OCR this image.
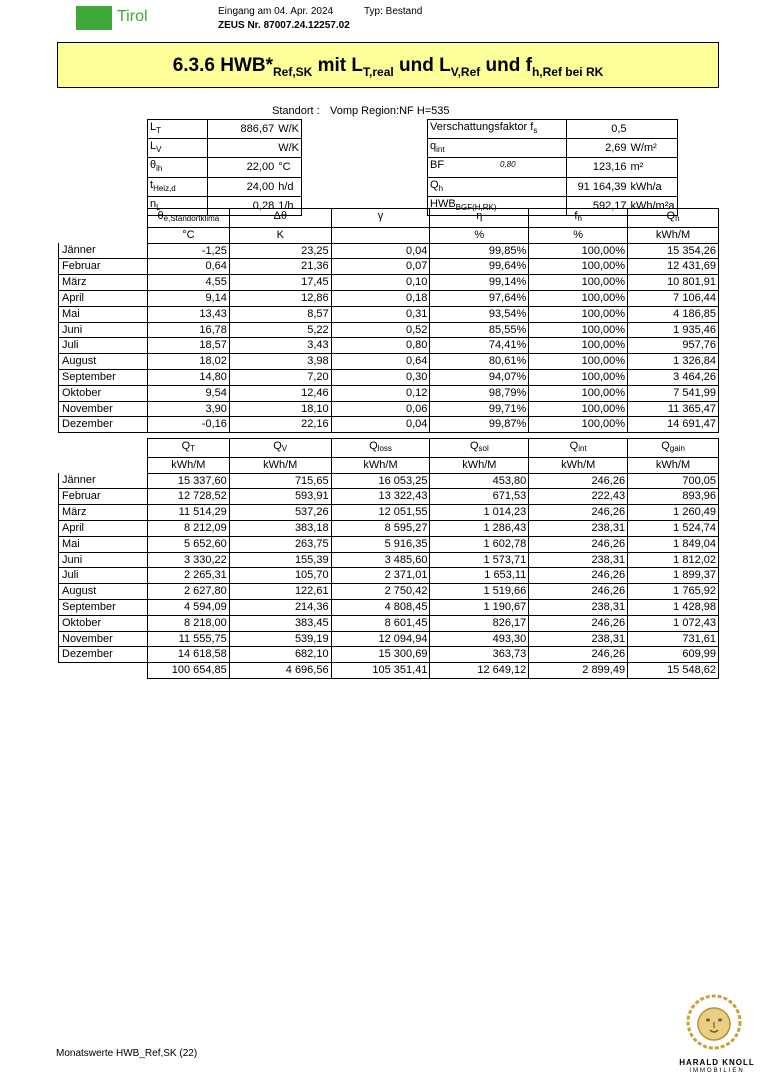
Tirol	Eingang am 04. Apr. 2024	Typ: Bestand
ZEUS Nr. 87007.24.12257.02
6.3.6 $HWB*_{Ref,SK}$ mit $L_{T,real}$ und $L_{V,Ref}$ und $f_{h,Ref bei RK}$
Standort : Vomp Region:NF H=535
$L_T$	886,67	W/K
$L_V$		W/K
$\theta_{ih}$	22,00	°C
$t_{Heiz,d}$	24,00	h/d
$n_L$	0,28	1/h
Verschattungsfaktor $f_s$	0,5	
$q_{int}$	2,69	W/m²
BF 0,80	123,16	m²
$Q_h$	91 164,39	kWh/a
$HWB_{BGF(H,RK)}$	592,17	kWh/m²a
	$\theta_{e,Standortklima}$	Δθ	γ	η	$f_h$	$Q_h$
	°C	K		%	%	kWh/M
Jänner	-1,25	23,25	0,04	99,85%	100,00%	15 354,26
Februar	0,64	21,36	0,07	99,64%	100,00%	12 431,69
März	4,55	17,45	0,10	99,14%	100,00%	10 801,91
April	9,14	12,86	0,18	97,64%	100,00%	7 106,44
Mai	13,43	8,57	0,31	93,54%	100,00%	4 186,85
Juni	16,78	5,22	0,52	85,55%	100,00%	1 935,46
Juli	18,57	3,43	0,80	74,41%	100,00%	957,76
August	18,02	3,98	0,64	80,61%	100,00%	1 326,84
September	14,80	7,20	0,30	94,07%	100,00%	3 464,26
Oktober	9,54	12,46	0,12	98,79%	100,00%	7 541,99
November	3,90	18,10	0,06	99,71%	100,00%	11 365,47
Dezember	-0,16	22,16	0,04	99,87%	100,00%	14 691,47
	$Q_T$	$Q_V$	$Q_{loss}$	$Q_{sol}$	$Q_{int}$	$Q_{gain}$
	kWh/M	kWh/M	kWh/M	kWh/M	kWh/M	kWh/M
Jänner	15 337,60	715,65	16 053,25	453,80	246,26	700,05
Februar	12 728,52	593,91	13 322,43	671,53	222,43	893,96
März	11 514,29	537,26	12 051,55	1 014,23	246,26	1 260,49
April	8 212,09	383,18	8 595,27	1 286,43	238,31	1 524,74
Mai	5 652,60	263,75	5 916,35	1 602,78	246,26	1 849,04
Juni	3 330,22	155,39	3 485,60	1 573,71	238,31	1 812,02
Juli	2 265,31	105,70	2 371,01	1 653,11	246,26	1 899,37
August	2 627,80	122,61	2 750,42	1 519,66	246,26	1 765,92
September	4 594,09	214,36	4 808,45	1 190,67	238,31	1 428,98
Oktober	8 218,00	383,45	8 601,45	826,17	246,26	1 072,43
November	11 555,75	539,19	12 094,94	493,30	238,31	731,61
Dezember	14 618,58	682,10	15 300,69	363,73	246,26	609,99
	100 654,85	4 696,56	105 351,41	12 649,12	2 899,49	15 548,62
Monatswerte HWB_Ref,SK (22)
HARALD KNOLL
IMMOBILIEN
